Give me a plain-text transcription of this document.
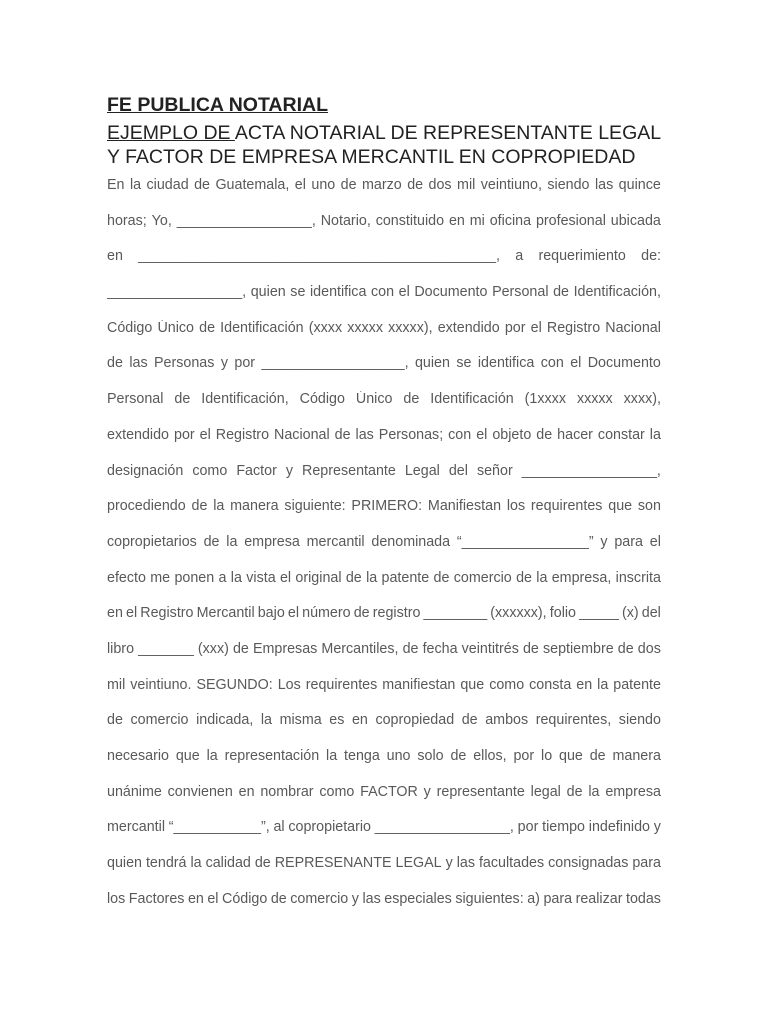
FE PUBLICA NOTARIAL
EJEMPLO DE ACTA NOTARIAL DE REPRESENTANTE LEGAL Y FACTOR DE EMPRESA MERCANTIL EN COPROPIEDAD
En la ciudad de Guatemala, el uno de marzo de dos mil veintiuno, siendo las quince
horas; Yo, _________________, Notario, constituido en mi oficina profesional ubicada
en _____________________________________________, a requerimiento de:
_________________, quien se identifica con el Documento Personal de Identificación,
Código Único de Identificación (xxxx xxxxx xxxxx), extendido por el Registro Nacional
de las Personas y por __________________, quien se identifica con el Documento
Personal de Identificación, Código Único de Identificación (1xxxx xxxxx xxxx),
extendido por el Registro Nacional de las Personas; con el objeto de hacer constar la
designación como Factor y Representante Legal del señor _________________,
procediendo de la manera siguiente: PRIMERO: Manifiestan los requirentes que son
copropietarios de la empresa mercantil denominada “________________” y para el
efecto me ponen a la vista el original de la patente de comercio de la empresa, inscrita
en el Registro Mercantil bajo el número de registro ________ (xxxxxx), folio _____ (x) del
libro _______ (xxx) de Empresas Mercantiles, de fecha veintitrés de septiembre de dos
mil veintiuno. SEGUNDO: Los requirentes manifiestan que como consta en la patente
de comercio indicada, la misma es en copropiedad de ambos requirentes, siendo
necesario que la representación la tenga uno solo de ellos, por lo que de manera
unánime convienen en nombrar como FACTOR y representante legal de la empresa
mercantil “___________”, al copropietario _________________, por tiempo indefinido y
quien tendrá la calidad de REPRESENANTE LEGAL y las facultades consignadas para
los Factores en el Código de comercio y las especiales siguientes: a) para realizar todas
